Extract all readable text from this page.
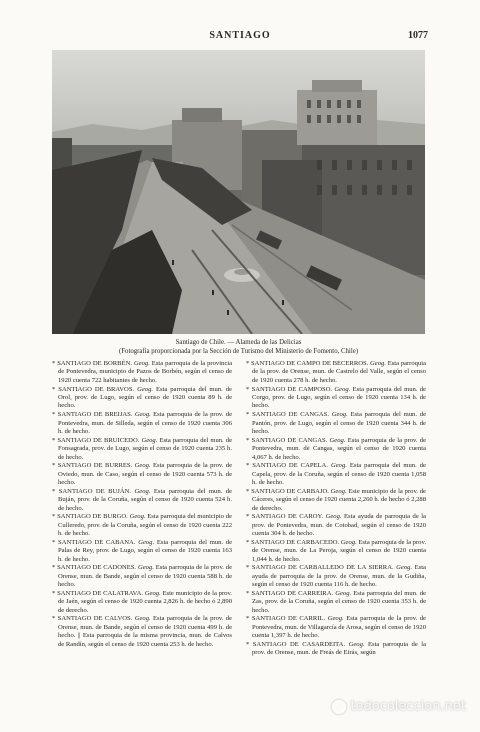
SANTIAGO	1077
Santiago de Chile. — Alameda de las Delicias
(Fotografía proporcionada por la Sección de Turismo del Ministerio de Fomento, Chile)

* SANTIAGO DE BORBÉN. Geog. Esta parroquia de la provincia de Pontevedra, municipio de Pazos de Borbén, según el censo de 1920 cuenta 722 habitantes de hecho.

* SANTIAGO DE BRAVOS. Geog. Esta parroquia del mun. de Orol, prov. de Lugo, según el censo de 1920 cuenta 89 h. de hecho.

* SANTIAGO DE BREIJAS. Geog. Esta parroquia de la prov. de Pontevedra, mun. de Silleda, según el censo de 1920 cuenta 306 h. de hecho.

* SANTIAGO DE BRUICEDO. Geog. Esta parroquia del mun. de Fonsagrada, prov. de Lugo, según el censo de 1920 cuenta 235 h. de hecho.

* SANTIAGO DE BURRES. Geog. Esta parroquia de la prov. de Oviedo, mun. de Caso, según el censo de 1920 cuenta 573 h. de hecho.

* SANTIAGO DE BUJÁN. Geog. Esta parroquia del mun. de Buján, prov. de la Coruña, según el censo de 1920 cuenta 524 h. de hecho.

* SANTIAGO DE BURGO. Geog. Esta parroquia del municipio de Culleredo, prov. de la Coruña, según el censo de 1920 cuenta 222 h. de hecho.

* SANTIAGO DE CABANA. Geog. Esta parroquia del mun. de Palas de Rey, prov. de Lugo, según el censo de 1920 cuenta 163 h. de hecho.

* SANTIAGO DE CADONES. Geog. Esta parroquia de la prov. de Orense, mun. de Bande, según el censo de 1920 cuenta 588 h. de hecho.

* SANTIAGO DE CALATRAVA. Geog. Este municipio de la prov. de Jaén, según el censo de 1920 cuenta 2,826 h. de hecho ó 2,890 de derecho.

* SANTIAGO DE CALVOS. Geog. Esta parroquia de la prov. de Orense, mun. de Bande, según el censo de 1920 cuenta 499 h. de hecho. || Esta parroquia de la misma provincia, mun. de Calvos de Randín, según el censo de 1920 cuenta 253 h. de hecho.

* SANTIAGO DE CAMPO DE BECERROS. Geog. Esta parroquia de la prov. de Orense, mun. de Castrelo del Valle, según el censo de 1920 cuenta 278 h. de hecho.

* SANTIAGO DE CAMPOSO. Geog. Esta parroquia del mun. de Corgo, prov. de Lugo, según el censo de 1920 cuenta 134 h. de hecho.

* SANTIAGO DE CANGAS. Geog. Esta parroquia del mun. de Pantón, prov. de Lugo, según el censo de 1920 cuenta 344 h. de hecho.

* SANTIAGO DE CANGAS. Geog. Esta parroquia de la prov. de Pontevedra, mun. de Cangas, según el censo de 1920 cuenta 4,067 h. de hecho.

* SANTIAGO DE CAPELA. Geog. Esta parroquia del mun. de Capela, prov. de la Coruña, según el censo de 1920 cuenta 1,058 h. de hecho.

* SANTIAGO DE CARBAJO. Geog. Este municipio de la prov. de Cáceres, según el censo de 1920 cuenta 2,260 h. de hecho ó 2,288 de derecho.

* SANTIAGO DE CAROY. Geog. Esta ayuda de parroquia de la prov. de Pontevedra, mun. de Cotobad, según el censo de 1920 cuenta 304 h. de hecho.

* SANTIAGO DE CARBACEDO. Geog. Esta parroquia de la prov. de Orense, mun. de La Peroja, según el censo de 1920 cuenta 1,044 h. de hecho.

* SANTIAGO DE CARBALLEDO DE LA SIERRA. Geog. Esta ayuda de parroquia de la prov. de Orense, mun. de la Gudiña, según el censo de 1920 cuenta 116 h. de hecho.

* SANTIAGO DE CARREIRA. Geog. Esta parroquia del mun. de Zas, prov. de la Coruña, según el censo de 1920 cuenta 353 h. de hecho.

* SANTIAGO DE CARRIL. Geog. Esta parroquia de la prov. de Pontevedra, mun. de Villagarcía de Arosa, según el censo de 1920 cuenta 1,397 h. de hecho.

* SANTIAGO DE CASARDEITA. Geog. Esta parroquia de la prov. de Orense, mun. de Freás de Eirás, según

todocoleccion.net
